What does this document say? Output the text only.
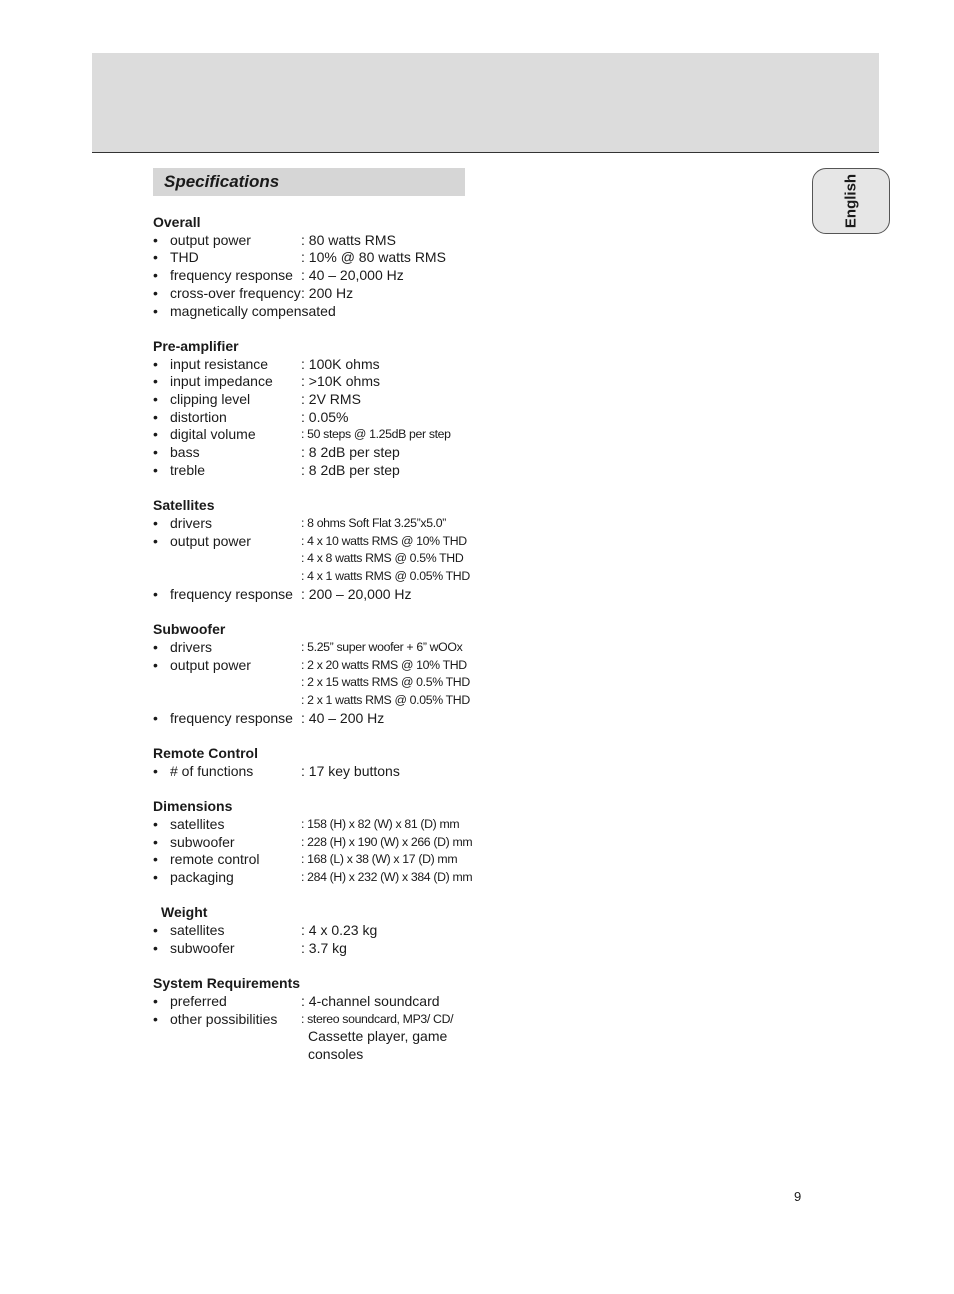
Specifications	English
Overall
• output power	: 80 watts RMS
• THD	: 10% @ 80 watts RMS
• frequency response : 40 – 20,000 Hz
• cross-over frequency : 200 Hz
• magnetically compensated
Pre-amplifier
• input resistance	: 100K ohms
• input impedance	: >10K ohms
• clipping level	: 2V RMS
• distortion	: 0.05%
• digital volume	: 50 steps @ 1.25dB per step
• bass	: 8 2dB per step
• treble	: 8 2dB per step
Satellites
• drivers	: 8 ohms Soft Flat 3.25”x5.0”
• output power	: 4 x 10 watts RMS @ 10% THD
: 4 x 8 watts RMS @ 0.5% THD
: 4 x 1 watts RMS @ 0.05% THD
• frequency response : 200 – 20,000 Hz
Subwoofer
• drivers	: 5.25” super woofer + 6” wOOx
• output power	: 2 x 20 watts RMS @ 10% THD
: 2 x 15 watts RMS @ 0.5% THD
: 2 x 1 watts RMS @ 0.05% THD
• frequency response : 40 – 200 Hz
Remote Control
• # of functions	: 17 key buttons
Dimensions
• satellites	: 158 (H) x 82 (W) x 81 (D) mm
• subwoofer	: 228 (H) x 190 (W) x 266 (D) mm
• remote control	: 168 (L) x 38 (W) x 17 (D) mm
• packaging	: 284 (H) x 232 (W) x 384 (D) mm
Weight
• satellites	: 4 x 0.23 kg
• subwoofer	: 3.7 kg
System Requirements
• preferred	: 4-channel soundcard
• other possibilities	: stereo soundcard, MP3/ CD/
Cassette player, game
consoles
9
